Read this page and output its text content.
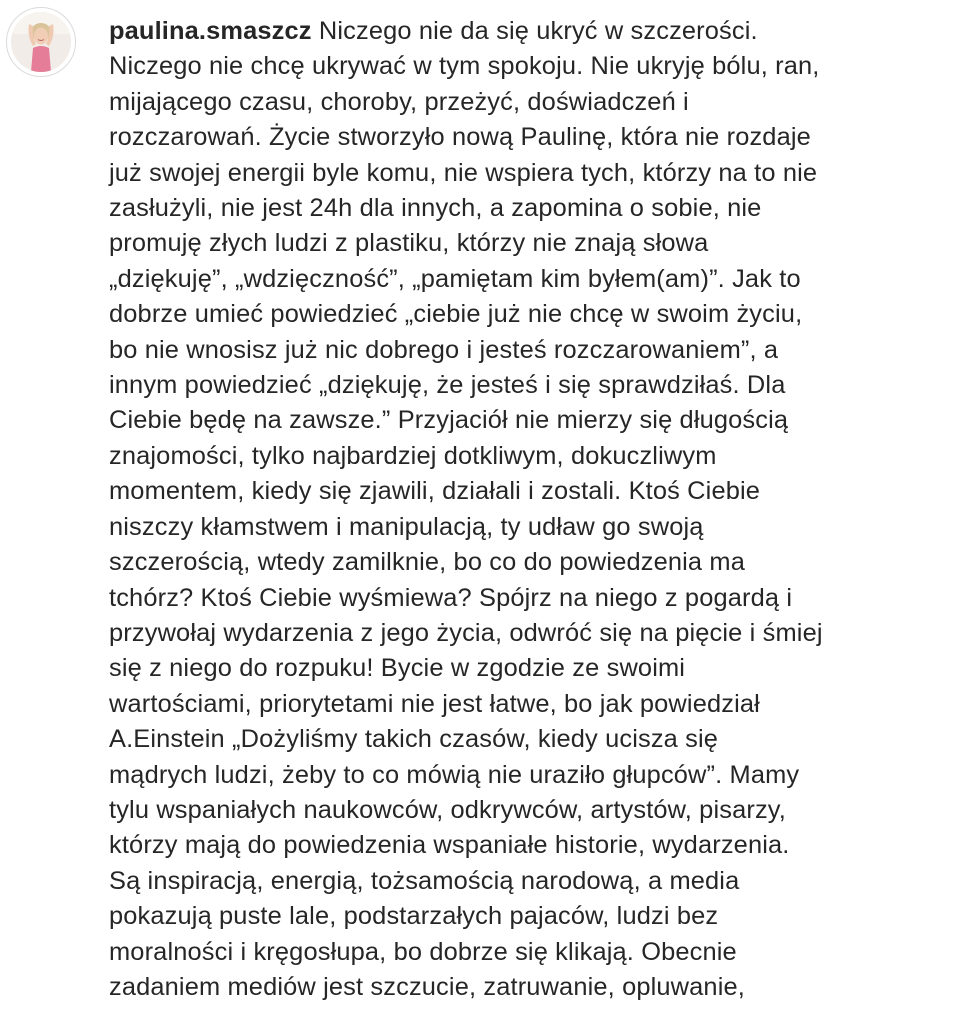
paulina.smaszcz Niczego nie da się ukryć w szczerości.
Niczego nie chcę ukrywać w tym spokoju. Nie ukryję bólu, ran,
mijającego czasu, choroby, przeżyć, doświadczeń i
rozczarowań. Życie stworzyło nową Paulinę, która nie rozdaje
już swojej energii byle komu, nie wspiera tych, którzy na to nie
zasłużyli, nie jest 24h dla innych, a zapomina o sobie, nie
promuję złych ludzi z plastiku, którzy nie znają słowa
„dziękuję”, „wdzięczność”, „pamiętam kim byłem(am)”. Jak to
dobrze umieć powiedzieć „ciebie już nie chcę w swoim życiu,
bo nie wnosisz już nic dobrego i jesteś rozczarowaniem”, a
innym powiedzieć „dziękuję, że jesteś i się sprawdziłaś. Dla
Ciebie będę na zawsze.” Przyjaciół nie mierzy się długością
znajomości, tylko najbardziej dotkliwym, dokuczliwym
momentem, kiedy się zjawili, działali i zostali. Ktoś Ciebie
niszczy kłamstwem i manipulacją, ty udław go swoją
szczerością, wtedy zamilknie, bo co do powiedzenia ma
tchórz? Ktoś Ciebie wyśmiewa? Spójrz na niego z pogardą i
przywołaj wydarzenia z jego życia, odwróć się na pięcie i śmiej
się z niego do rozpuku! Bycie w zgodzie ze swoimi
wartościami, priorytetami nie jest łatwe, bo jak powiedział
A.Einstein „Dożyliśmy takich czasów, kiedy ucisza się
mądrych ludzi, żeby to co mówią nie uraziło głupców”. Mamy
tylu wspaniałych naukowców, odkrywców, artystów, pisarzy,
którzy mają do powiedzenia wspaniałe historie, wydarzenia.
Są inspiracją, energią, tożsamością narodową, a media
pokazują puste lale, podstarzałych pajaców, ludzi bez
moralności i kręgosłupa, bo dobrze się klikają. Obecnie
zadaniem mediów jest szczucie, zatruwanie, opluwanie,
